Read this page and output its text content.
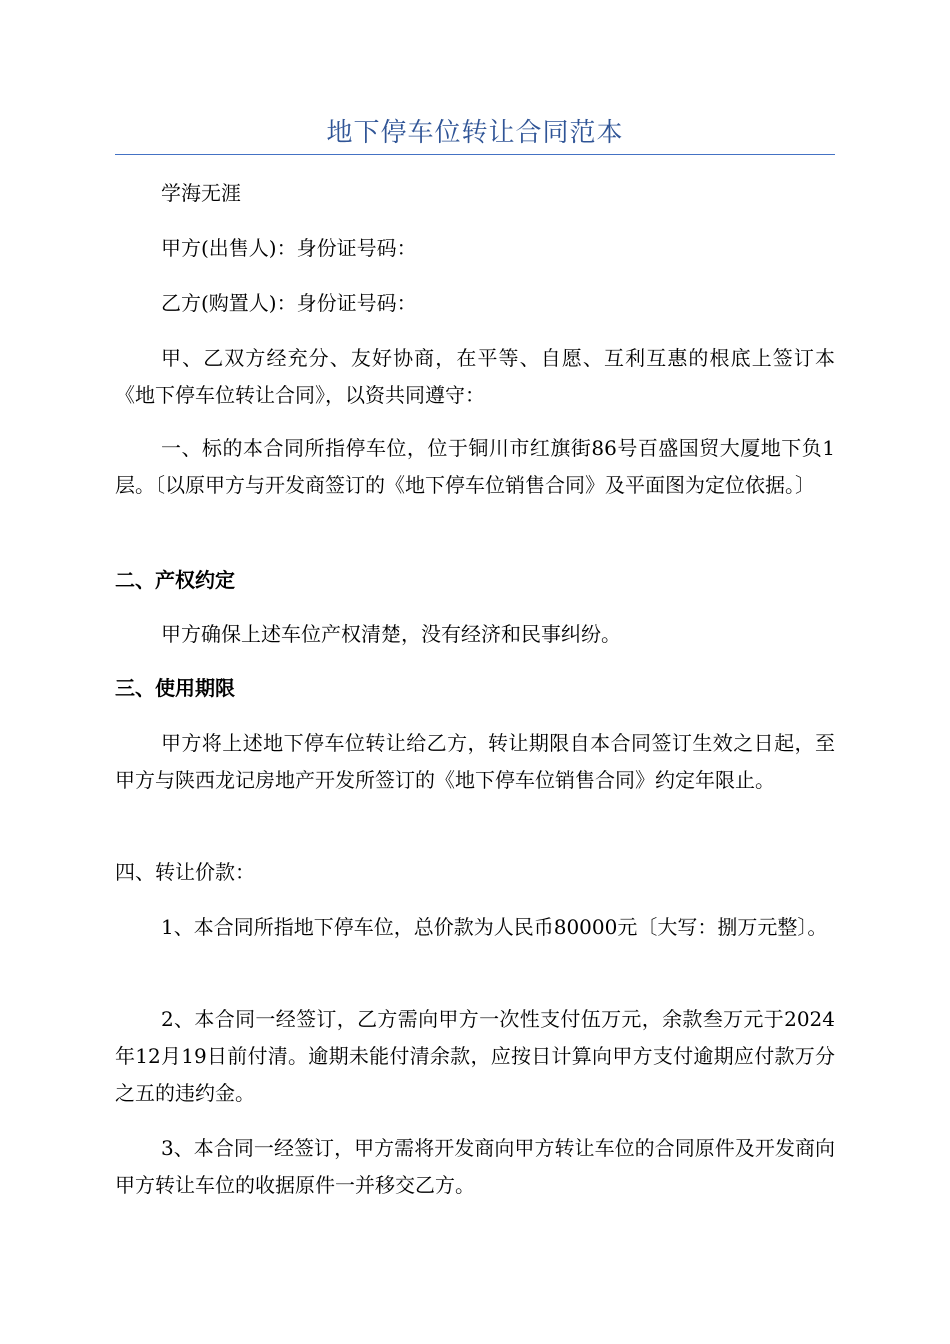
地下停车位转让合同范本

学海无涯

甲方(出售人)：身份证号码：

乙方(购置人)：身份证号码：

甲、乙双方经充分、友好协商，在平等、自愿、互利互惠的根底上签订本《地下停车位转让合同》，以资共同遵守：

一、标的本合同所指停车位，位于铜川市红旗街86号百盛国贸大厦地下负1层。〔以原甲方与开发商签订的《地下停车位销售合同》及平面图为定位依据。〕

二、产权约定

甲方确保上述车位产权清楚，没有经济和民事纠纷。

三、使用期限

甲方将上述地下停车位转让给乙方，转让期限自本合同签订生效之日起，至甲方与陕西龙记房地产开发所签订的《地下停车位销售合同》约定年限止。

四、转让价款：

1、本合同所指地下停车位，总价款为人民币80000元〔大写：捌万元整〕。

2、本合同一经签订，乙方需向甲方一次性支付伍万元，余款叁万元于2024年12月19日前付清。逾期未能付清余款，应按日计算向甲方支付逾期应付款万分之五的违约金。

3、本合同一经签订，甲方需将开发商向甲方转让车位的合同原件及开发商向甲方转让车位的收据原件一并移交乙方。
